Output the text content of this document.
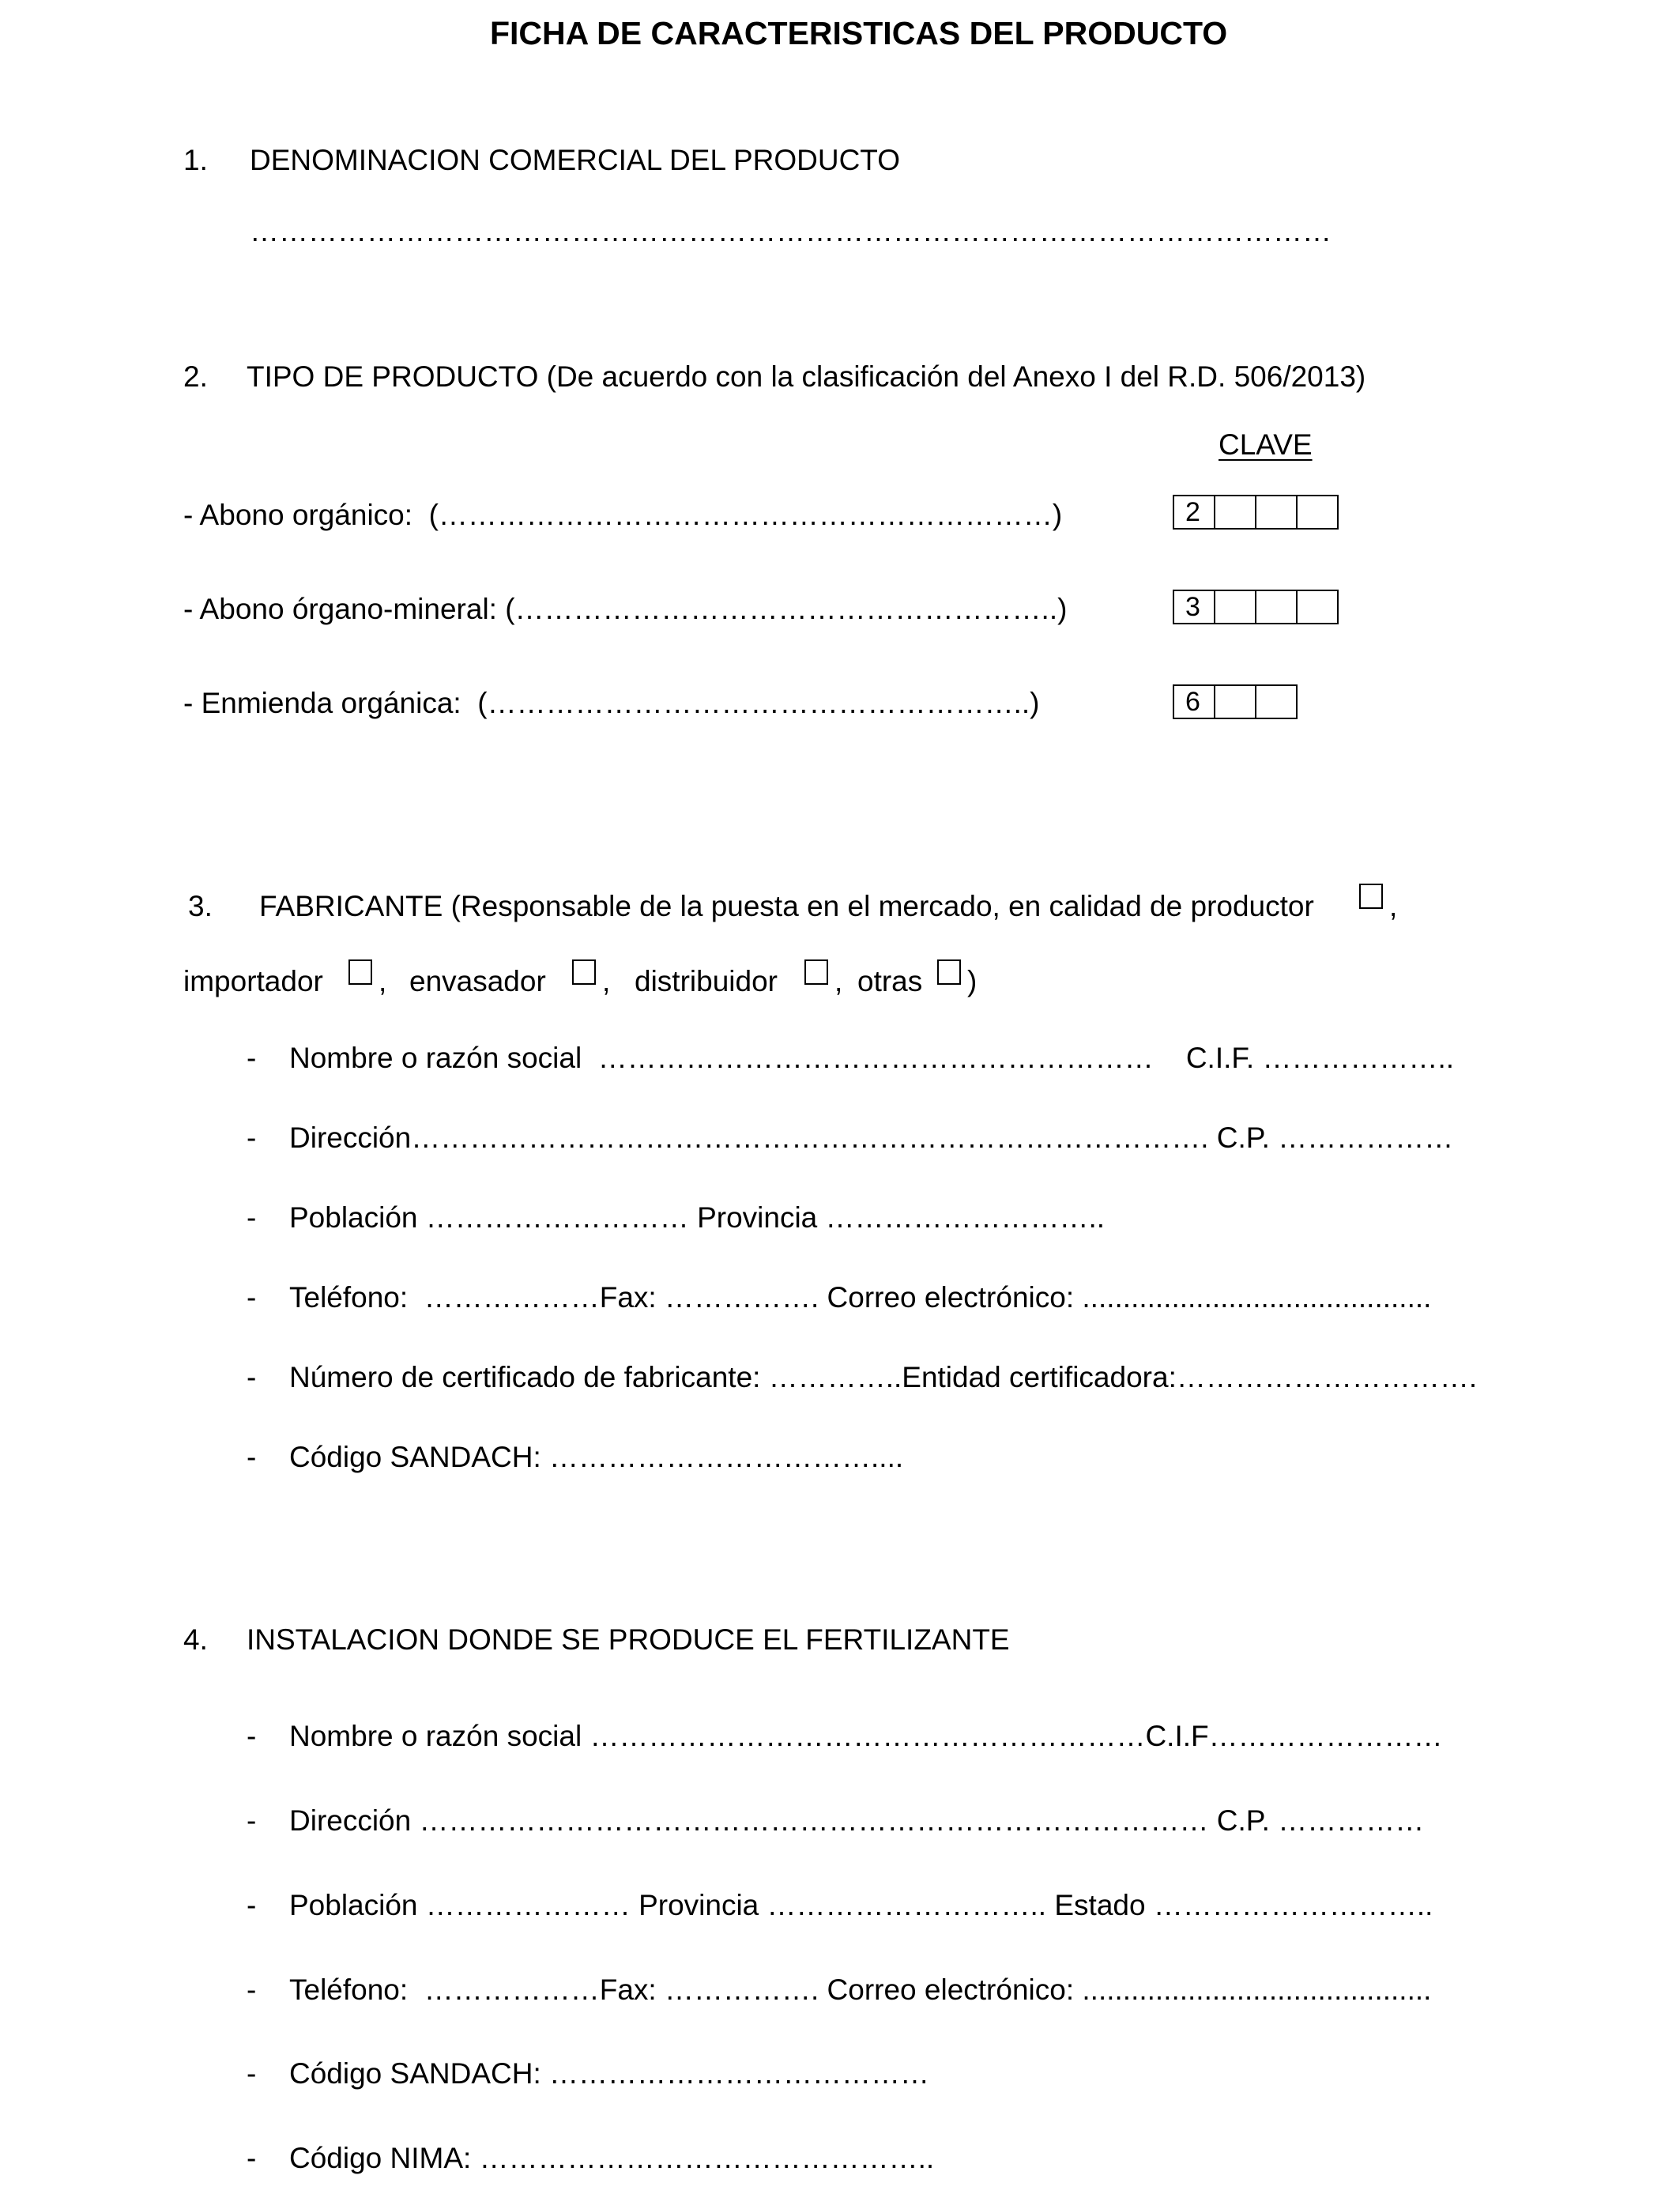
FICHA DE CARACTERISTICAS DEL PRODUCTO
1. DENOMINACION COMERCIAL DEL PRODUCTO
…………………………………………………………………………………………………
2. TIPO DE PRODUCTO (De acuerdo con la clasificación del Anexo I del R.D. 506/2013)
CLAVE
- Abono orgánico:  (………………………………………………………)	2
- Abono órgano-mineral: (………………………………………………..)	3
- Enmienda orgánica:  (………………………………………………..)	6
3. FABRICANTE (Responsable de la puesta en el mercado, en calidad de productor	,
importador , envasador , distribuidor , otras )
- Nombre o razón social  …………………………………………………    C.I.F. ………………..
- Dirección………………………………………………………………………. C.P. ………………
- Población ……………………… Provincia ………………………..
- Teléfono:  ………………Fax: ……………. Correo electrónico: ...........................................
- Número de certificado de fabricante: …………..Entidad certificadora:………………………….
- Código SANDACH: ……………………………....
4. INSTALACION DONDE SE PRODUCE EL FERTILIZANTE
- Nombre o razón social …………………………………………………C.I.F……………………
- Dirección ……………………………………………………………………… C.P. ……………
- Población ………………… Provincia ……………………….. Estado ………………………..
- Teléfono:  ………………Fax: ……………. Correo electrónico: ...........................................
- Código SANDACH: …………………………………
- Código NIMA: ………………………………………..
